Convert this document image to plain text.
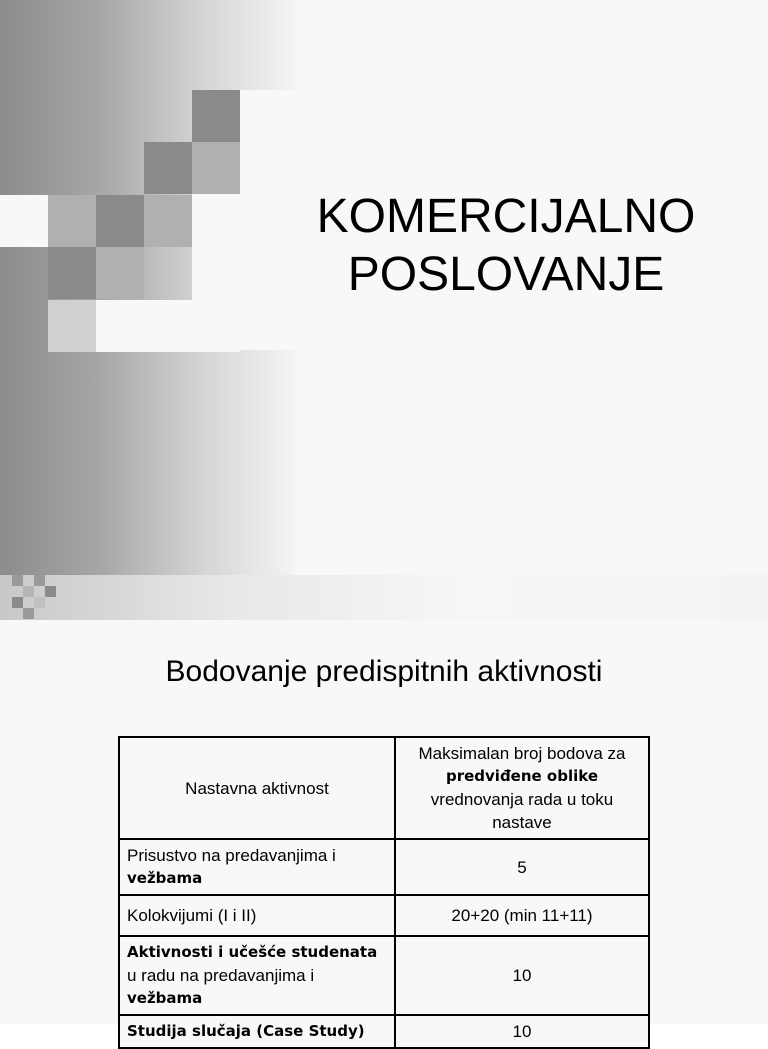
KOMERCIJALNO
POSLOVANJE
Bodovanje predispitnih aktivnosti
Nastavna aktivnost	Maksimalan broj bodova za
predviđene oblike
vrednovanja rada u toku nastave

Prisustvo na predavanjima i
vežbama	5

Kolokvijumi (I i II)	20+20 (min 11+11)

Aktivnosti i učešće studenata
u radu na predavanjima i
vežbama	10

Studija slučaja (Case Study)	10
